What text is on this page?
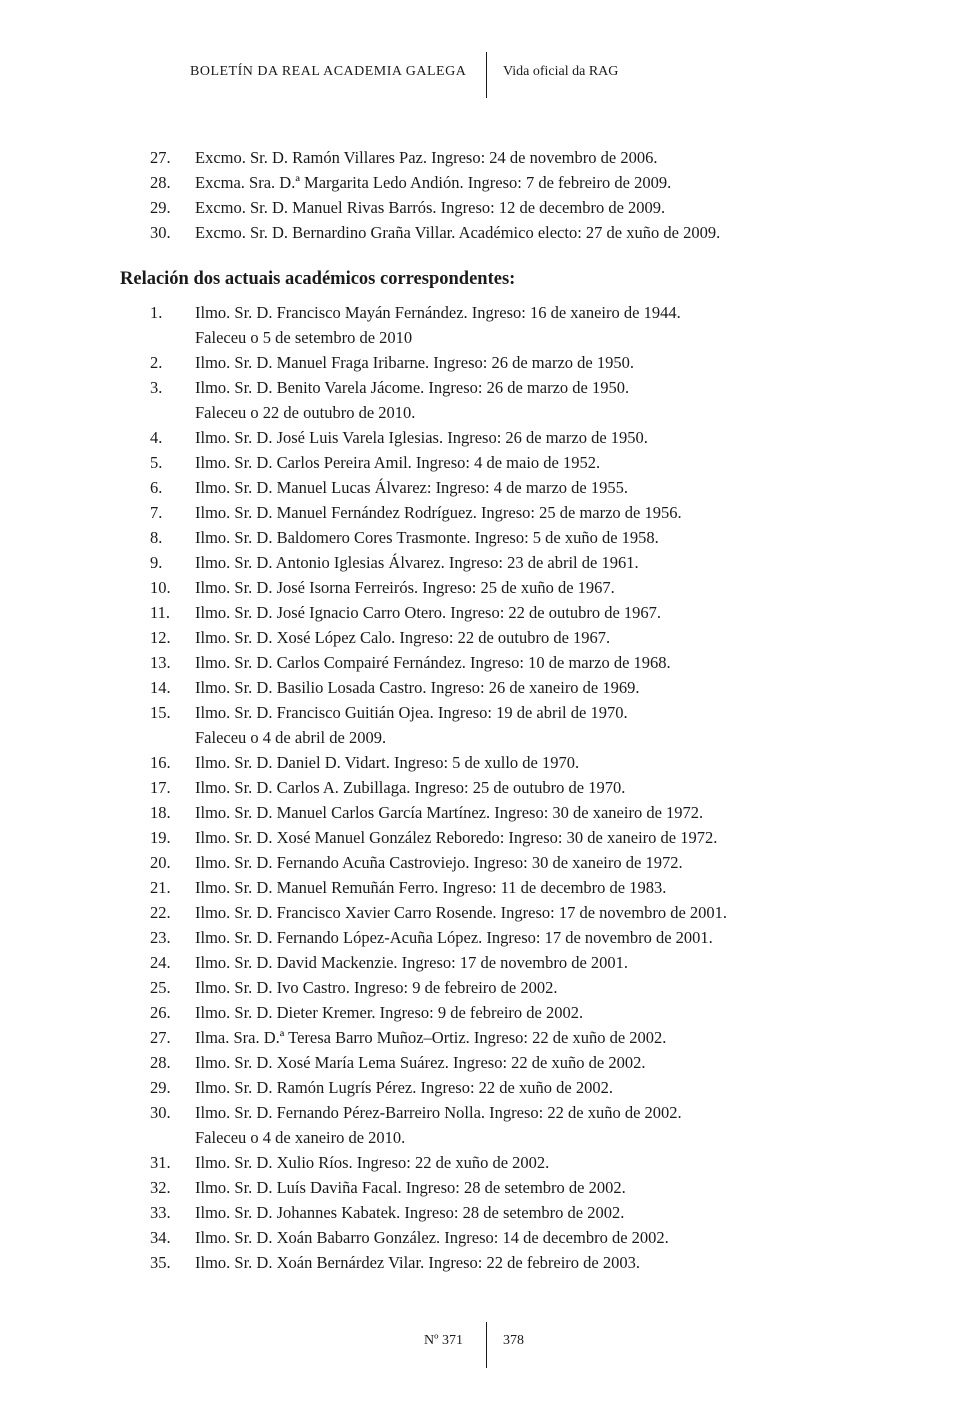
BOLETÍN DA REAL ACADEMIA GALEGA	Vida oficial da RAG
27. Excmo. Sr. D. Ramón Villares Paz. Ingreso: 24 de novembro de 2006.
28. Excma. Sra. D.ª Margarita Ledo Andión. Ingreso: 7 de febreiro de 2009.
29. Excmo. Sr. D. Manuel Rivas Barrós. Ingreso: 12 de decembro de 2009.
30. Excmo. Sr. D. Bernardino Graña Villar. Académico electo: 27 de xuño de 2009.
Relación dos actuais académicos correspondentes:
1. Ilmo. Sr. D. Francisco Mayán Fernández. Ingreso: 16 de xaneiro de 1944.
Faleceu o 5 de setembro de 2010
2. Ilmo. Sr. D. Manuel Fraga Iribarne. Ingreso: 26 de marzo de 1950.
3. Ilmo. Sr. D. Benito Varela Jácome. Ingreso: 26 de marzo de 1950.
Faleceu o 22 de outubro de 2010.
4. Ilmo. Sr. D. José Luis Varela Iglesias. Ingreso: 26 de marzo de 1950.
5. Ilmo. Sr. D. Carlos Pereira Amil. Ingreso: 4 de maio de 1952.
6. Ilmo. Sr. D. Manuel Lucas Álvarez: Ingreso: 4 de marzo de 1955.
7. Ilmo. Sr. D. Manuel Fernández Rodríguez. Ingreso: 25 de marzo de 1956.
8. Ilmo. Sr. D. Baldomero Cores Trasmonte. Ingreso: 5 de xuño de 1958.
9. Ilmo. Sr. D. Antonio Iglesias Álvarez. Ingreso: 23 de abril de 1961.
10. Ilmo. Sr. D. José Isorna Ferreirós. Ingreso: 25 de xuño de 1967.
11. Ilmo. Sr. D. José Ignacio Carro Otero. Ingreso: 22 de outubro de 1967.
12. Ilmo. Sr. D. Xosé López Calo. Ingreso: 22 de outubro de 1967.
13. Ilmo. Sr. D. Carlos Compairé Fernández. Ingreso: 10 de marzo de 1968.
14. Ilmo. Sr. D. Basilio Losada Castro. Ingreso: 26 de xaneiro de 1969.
15. Ilmo. Sr. D. Francisco Guitián Ojea. Ingreso: 19 de abril de 1970.
Faleceu o 4 de abril de 2009.
16. Ilmo. Sr. D. Daniel D. Vidart. Ingreso: 5 de xullo de 1970.
17. Ilmo. Sr. D. Carlos A. Zubillaga. Ingreso: 25 de outubro de 1970.
18. Ilmo. Sr. D. Manuel Carlos García Martínez. Ingreso: 30 de xaneiro de 1972.
19. Ilmo. Sr. D. Xosé Manuel González Reboredo: Ingreso: 30 de xaneiro de 1972.
20. Ilmo. Sr. D. Fernando Acuña Castroviejo. Ingreso: 30 de xaneiro de 1972.
21. Ilmo. Sr. D. Manuel Remuñán Ferro. Ingreso: 11 de decembro de 1983.
22. Ilmo. Sr. D. Francisco Xavier Carro Rosende. Ingreso: 17 de novembro de 2001.
23. Ilmo. Sr. D. Fernando López-Acuña López. Ingreso: 17 de novembro de 2001.
24. Ilmo. Sr. D. David Mackenzie. Ingreso: 17 de novembro de 2001.
25. Ilmo. Sr. D. Ivo Castro. Ingreso: 9 de febreiro de 2002.
26. Ilmo. Sr. D. Dieter Kremer. Ingreso: 9 de febreiro de 2002.
27. Ilma. Sra. D.ª Teresa Barro Muñoz–Ortiz. Ingreso: 22 de xuño de 2002.
28. Ilmo. Sr. D. Xosé María Lema Suárez. Ingreso: 22 de xuño de 2002.
29. Ilmo. Sr. D. Ramón Lugrís Pérez. Ingreso: 22 de xuño de 2002.
30. Ilmo. Sr. D. Fernando Pérez-Barreiro Nolla. Ingreso: 22 de xuño de 2002.
Faleceu o 4 de xaneiro de 2010.
31. Ilmo. Sr. D. Xulio Ríos. Ingreso: 22 de xuño de 2002.
32. Ilmo. Sr. D. Luís Daviña Facal. Ingreso: 28 de setembro de 2002.
33. Ilmo. Sr. D. Johannes Kabatek. Ingreso: 28 de setembro de 2002.
34. Ilmo. Sr. D. Xoán Babarro González. Ingreso: 14 de decembro de 2002.
35. Ilmo. Sr. D. Xoán Bernárdez Vilar. Ingreso: 22 de febreiro de 2003.
Nº 371	378
